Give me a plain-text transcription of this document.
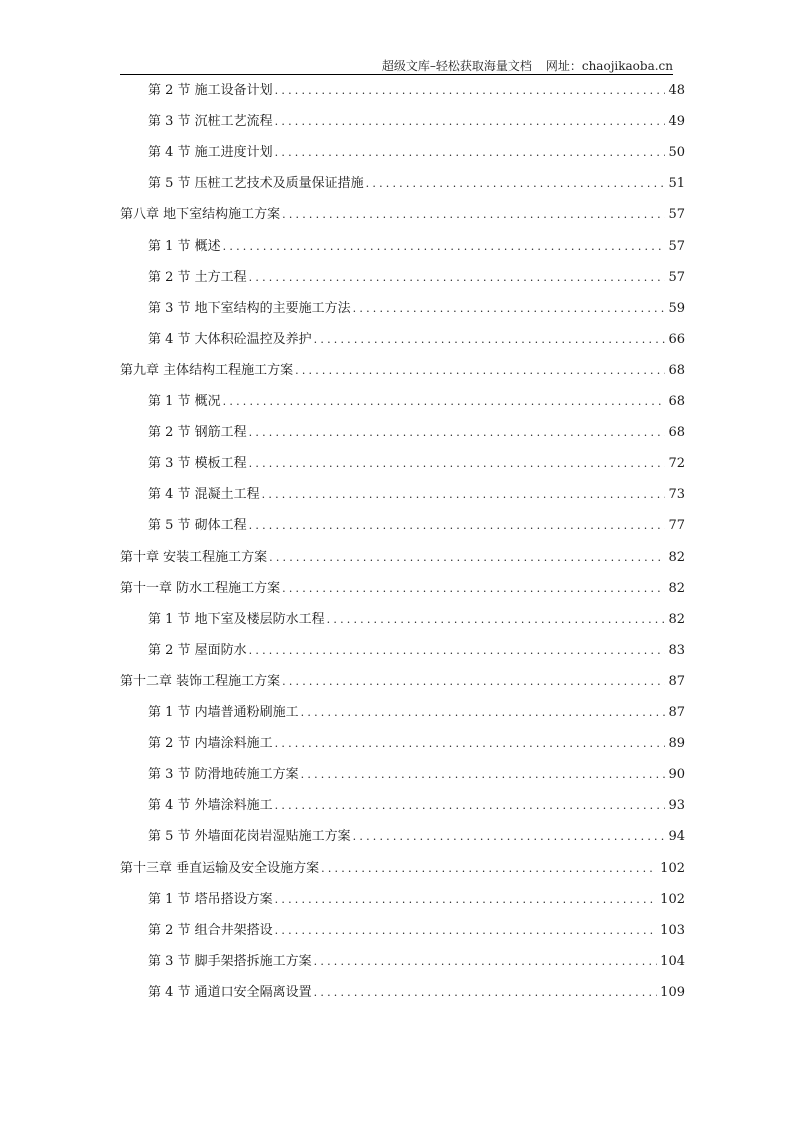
超级文库–轻松获取海量文档 网址：chaojikaoba.cn
第 2 节 施工设备计划 .....	48
第 3 节 沉桩工艺流程 .....	49
第 4 节 施工进度计划 .....	50
第 5 节 压桩工艺技术及质量保证措施 .....	51
第八章 地下室结构施工方案 .....	57
第 1 节 概述 .....	57
第 2 节 土方工程 .....	57
第 3 节 地下室结构的主要施工方法 .....	59
第 4 节 大体积砼温控及养护 .....	66
第九章 主体结构工程施工方案 .....	68
第 1 节 概况 .....	68
第 2 节 钢筋工程 .....	68
第 3 节 模板工程 .....	72
第 4 节 混凝土工程 .....	73
第 5 节 砌体工程 .....	77
第十章 安装工程施工方案 .....	82
第十一章 防水工程施工方案 .....	82
第 1 节 地下室及楼层防水工程 .....	82
第 2 节 屋面防水 .....	83
第十二章 装饰工程施工方案 .....	87
第 1 节 内墙普通粉刷施工 .....	87
第 2 节 内墙涂料施工 .....	89
第 3 节 防滑地砖施工方案 .....	90
第 4 节 外墙涂料施工 .....	93
第 5 节 外墙面花岗岩湿贴施工方案 .....	94
第十三章 垂直运输及安全设施方案 .....	102
第 1 节 塔吊搭设方案 .....	102
第 2 节 组合井架搭设 .....	103
第 3 节 脚手架搭拆施工方案 .....	104
第 4 节 通道口安全隔离设置 .....	109
